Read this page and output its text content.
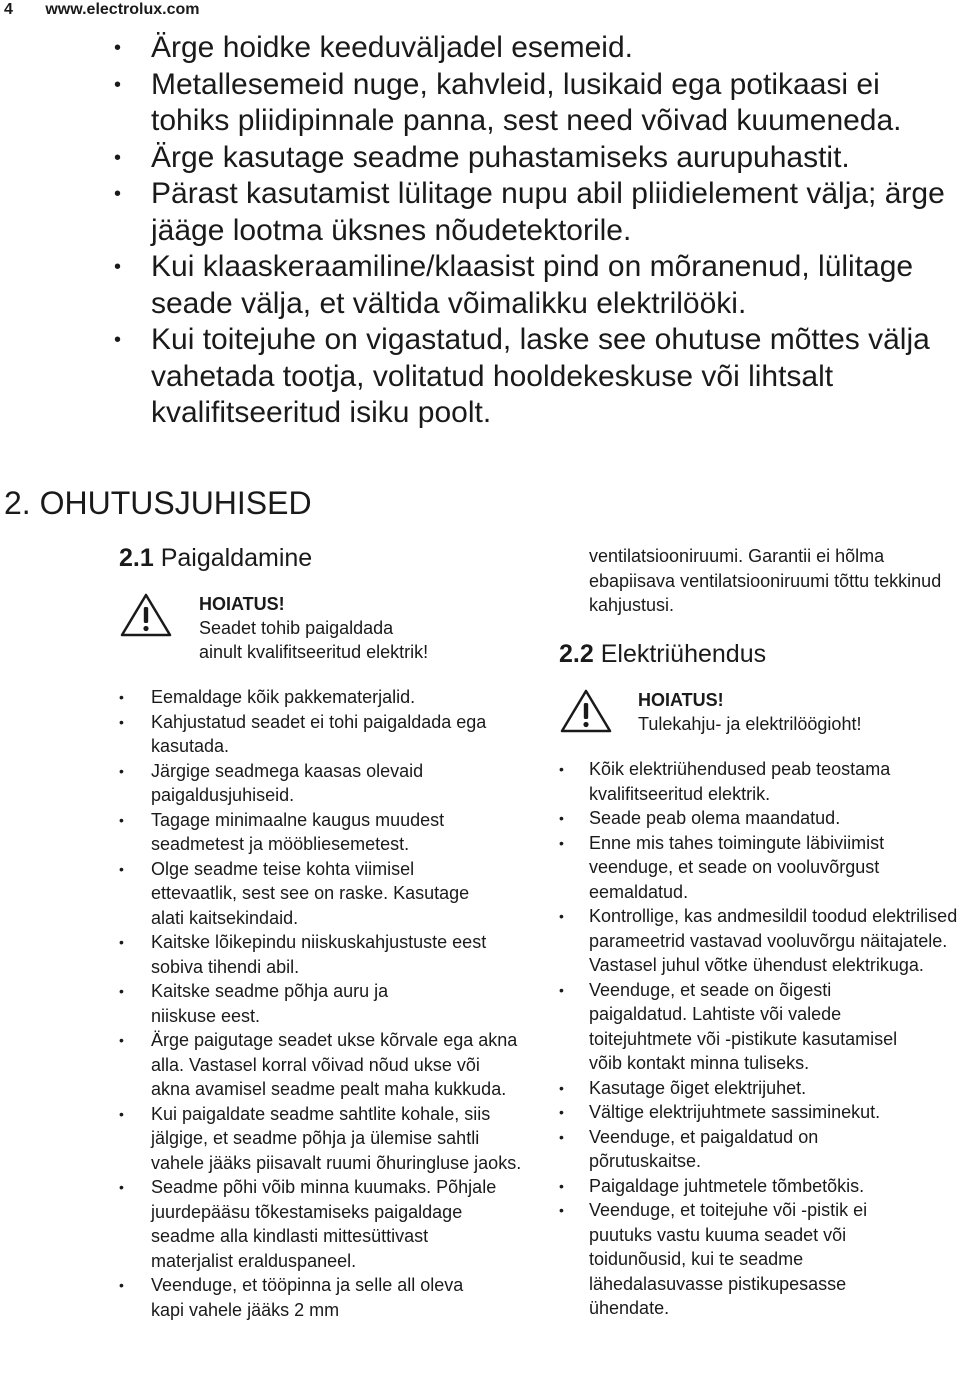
4 www.electrolux.com
• Ärge hoidke keeduväljadel esemeid.
• Metallesemeid nuge, kahvleid, lusikaid ega potikaasi ei tohiks pliidipinnale panna, sest need võivad kuumeneda.
• Ärge kasutage seadme puhastamiseks aurupuhastit.
• Pärast kasutamist lülitage nupu abil pliidielement välja; ärge jääge lootma üksnes nõudetektorile.
• Kui klaaskeraamiline/klaasist pind on mõranenud, lülitage seade välja, et vältida võimalikku elektrilööki.
• Kui toitejuhe on vigastatud, laske see ohutuse mõttes välja vahetada tootja, volitatud hooldekeskuse või lihtsalt kvalifitseeritud isiku poolt.
2. OHUTUSJUHISED
2.1 Paigaldamine
HOIATUS!
Seadet tohib paigaldada
ainult kvalifitseeritud elektrik!
• Eemaldage kõik pakkematerjalid.
• Kahjustatud seadet ei tohi paigaldada ega kasutada.
• Järgige seadmega kaasas olevaid paigaldusjuhiseid.
• Tagage minimaalne kaugus muudest seadmetest ja mööbliesemetest.
• Olge seadme teise kohta viimisel ettevaatlik, sest see on raske. Kasutage alati kaitsekindaid.
• Kaitske lõikepindu niiskuskahjustuste eest sobiva tihendi abil.
• Kaitske seadme põhja auru ja niiskuse eest.
• Ärge paigutage seadet ukse kõrvale ega akna alla. Vastasel korral võivad nõud ukse või akna avamisel seadme pealt maha kukkuda.
• Kui paigaldate seadme sahtlite kohale, siis jälgige, et seadme põhja ja ülemise sahtli vahele jääks piisavalt ruumi õhuringluse jaoks.
• Seadme põhi võib minna kuumaks. Põhjale juurdepääsu tõkestamiseks paigaldage seadme alla kindlasti mittesüttivast materjalist eralduspaneel.
• Veenduge, et tööpinna ja selle all oleva kapi vahele jääks 2 mm

ventilatsiooniruumi. Garantii ei hõlma ebapiisava ventilatsiooniruumi tõttu tekkinud kahjustusi.

2.2 Elektriühendus
HOIATUS!
Tulekahju- ja elektrilöögioht!
• Kõik elektriühendused peab teostama kvalifitseeritud elektrik.
• Seade peab olema maandatud.
• Enne mis tahes toimingute läbiviimist veenduge, et seade on vooluvõrgust eemaldatud.
• Kontrollige, kas andmesildil toodud elektrilised parameetrid vastavad vooluvõrgu näitajatele. Vastasel juhul võtke ühendust elektrikuga.
• Veenduge, et seade on õigesti paigaldatud. Lahtiste või valede toitejuhtmete või -pistikute kasutamisel võib kontakt minna tuliseks.
• Kasutage õiget elektrijuhet.
• Vältige elektrijuhtmete sassiminekut.
• Veenduge, et paigaldatud on põrutuskaitse.
• Paigaldage juhtmetele tõmbetõkis.
• Veenduge, et toitejuhe või -pistik ei puutuks vastu kuuma seadet või toidunõusid, kui te seadme lähedalasuvasse pistikupesasse ühendate.
